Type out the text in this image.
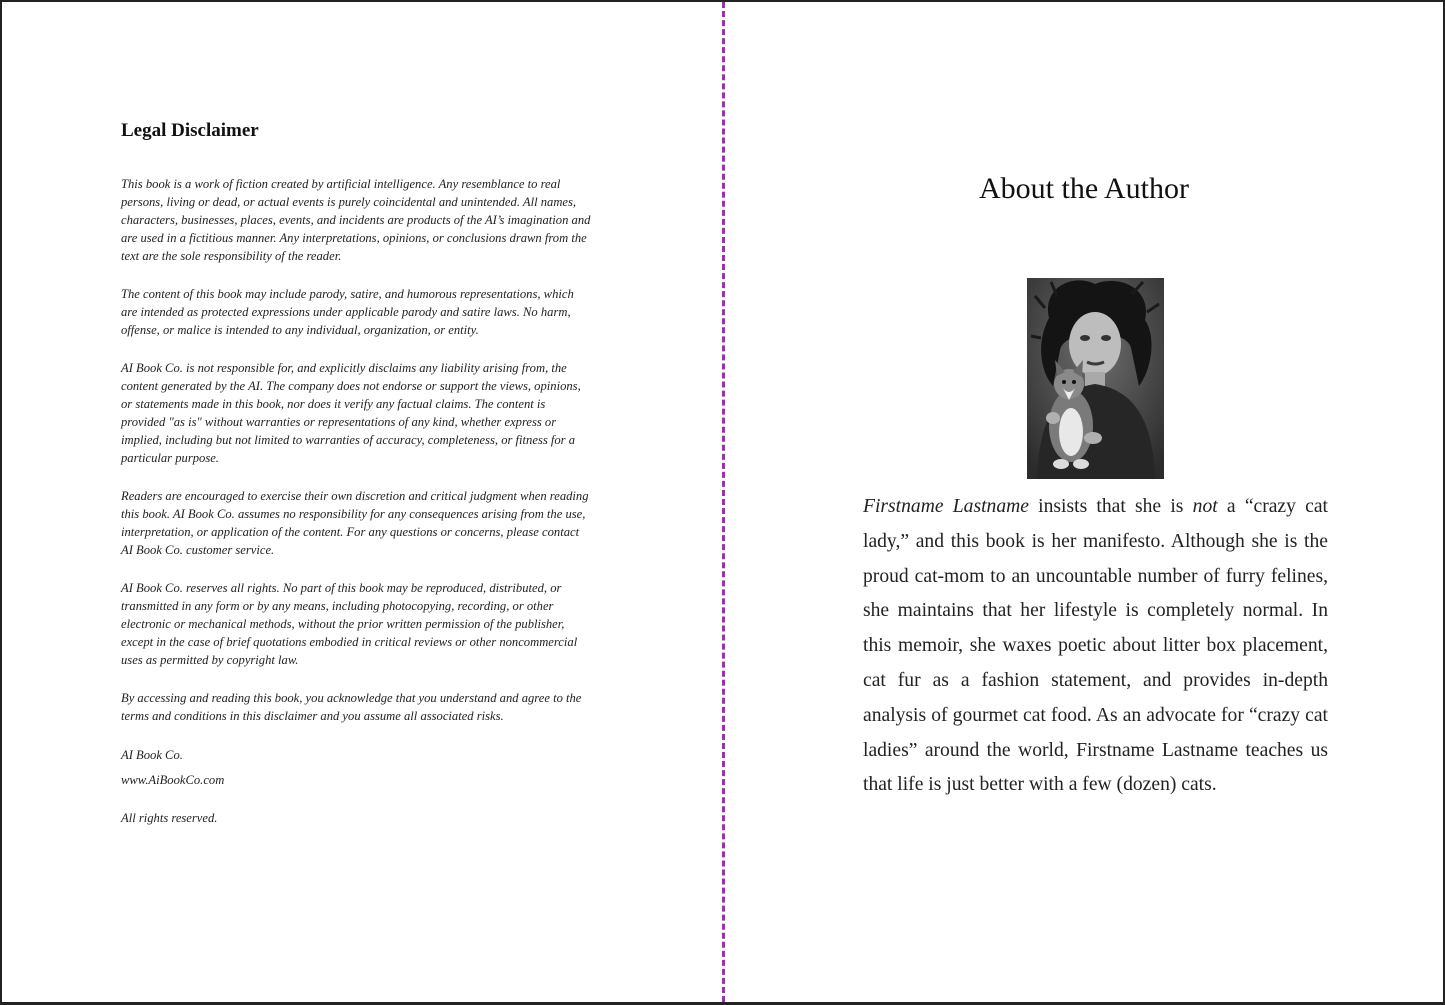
Legal Disclaimer

This book is a work of fiction created by artificial intelligence. Any resemblance to real persons, living or dead, or actual events is purely coincidental and unintended. All names, characters, businesses, places, events, and incidents are products of the AI’s imagination and are used in a fictitious manner. Any interpretations, opinions, or conclusions drawn from the text are the sole responsibility of the reader.

The content of this book may include parody, satire, and humorous representations, which are intended as protected expressions under applicable parody and satire laws. No harm, offense, or malice is intended to any individual, organization, or entity.

AI Book Co. is not responsible for, and explicitly disclaims any liability arising from, the content generated by the AI. The company does not endorse or support the views, opinions, or statements made in this book, nor does it verify any factual claims. The content is provided "as is" without warranties or representations of any kind, whether express or implied, including but not limited to warranties of accuracy, completeness, or fitness for a particular purpose.

Readers are encouraged to exercise their own discretion and critical judgment when reading this book. AI Book Co. assumes no responsibility for any consequences arising from the use, interpretation, or application of the content. For any questions or concerns, please contact AI Book Co. customer service.

AI Book Co. reserves all rights. No part of this book may be reproduced, distributed, or transmitted in any form or by any means, including photocopying, recording, or other electronic or mechanical methods, without the prior written permission of the publisher, except in the case of brief quotations embodied in critical reviews or other noncommercial uses as permitted by copyright law.

By accessing and reading this book, you acknowledge that you understand and agree to the terms and conditions in this disclaimer and you assume all associated risks.

AI Book Co.

www.AiBookCo.com

All rights reserved.

About the Author

Firstname Lastname insists that she is not a “crazy cat lady,” and this book is her manifesto. Although she is the proud cat-mom to an uncountable number of furry felines, she maintains that her lifestyle is completely normal. In this memoir, she waxes poetic about litter box placement, cat fur as a fashion statement, and provides in-depth analysis of gourmet cat food. As an advocate for “crazy cat ladies” around the world, Firstname Lastname teaches us that life is just better with a few (dozen) cats.
